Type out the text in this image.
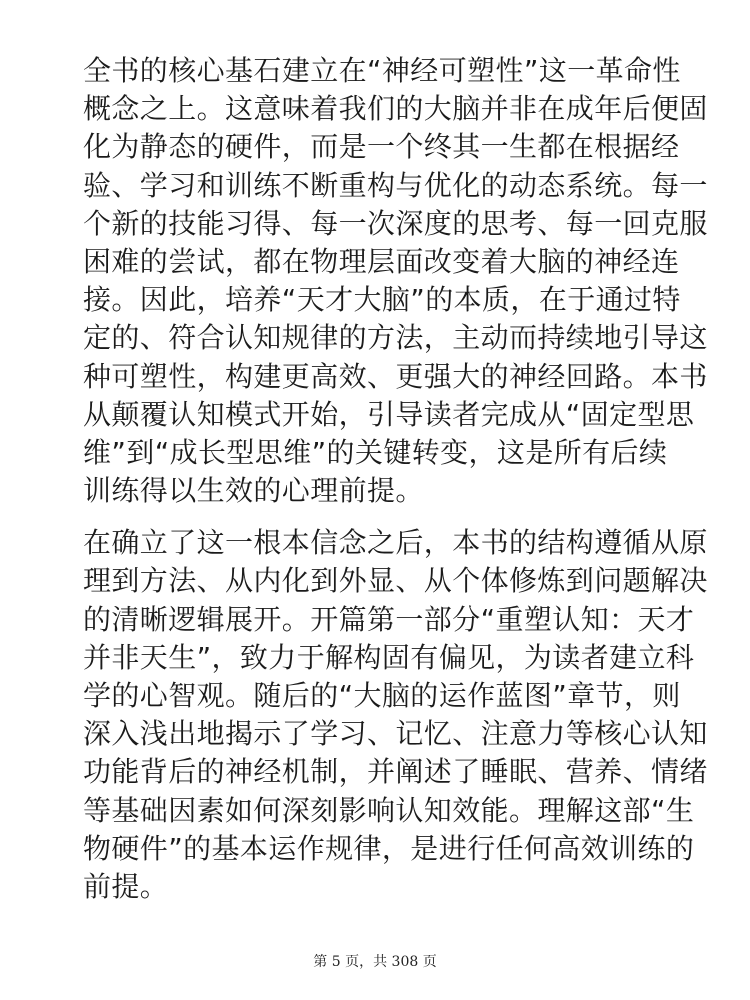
全书的核心基石建立在“神经可塑性”这一革命性
概念之上。这意味着我们的大脑并非在成年后便固
化为静态的硬件，而是一个终其一生都在根据经
验、学习和训练不断重构与优化的动态系统。每一
个新的技能习得、每一次深度的思考、每一回克服
困难的尝试，都在物理层面改变着大脑的神经连
接。因此，培养“天才大脑”的本质，在于通过特
定的、符合认知规律的方法，主动而持续地引导这
种可塑性，构建更高效、更强大的神经回路。本书
从颠覆认知模式开始，引导读者完成从“固定型思
维”到“成长型思维”的关键转变，这是所有后续
训练得以生效的心理前提。

在确立了这一根本信念之后，本书的结构遵循从原
理到方法、从内化到外显、从个体修炼到问题解决
的清晰逻辑展开。开篇第一部分“重塑认知：天才
并非天生”，致力于解构固有偏见，为读者建立科
学的心智观。随后的“大脑的运作蓝图”章节，则
深入浅出地揭示了学习、记忆、注意力等核心认知
功能背后的神经机制，并阐述了睡眠、营养、情绪
等基础因素如何深刻影响认知效能。理解这部“生
物硬件”的基本运作规律，是进行任何高效训练的
前提。

第 5 页，共 308 页
